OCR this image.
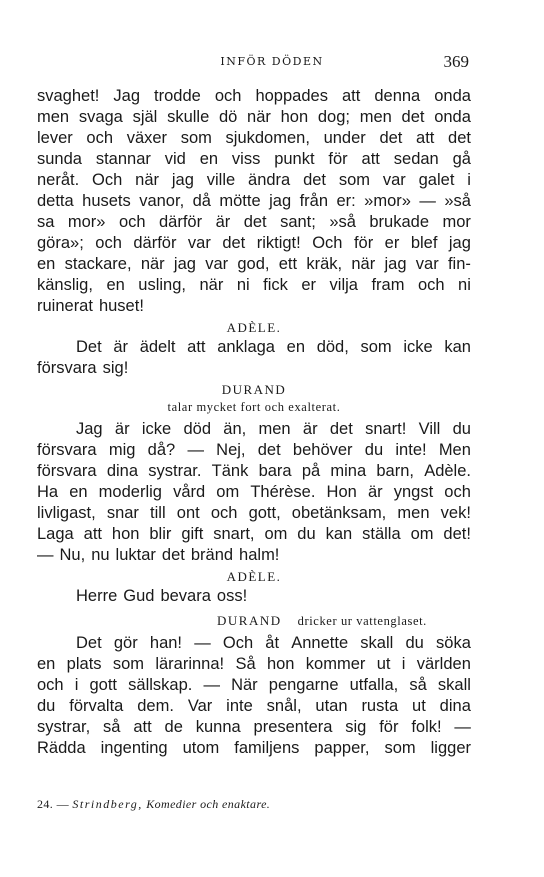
INFÖR DÖDEN	369
svaghet! Jag trodde och hoppades att denna onda
men svaga själ skulle dö när hon dog; men det onda
lever och växer som sjukdomen, under det att det
sunda stannar vid en viss punkt för att sedan gå
neråt. Och när jag ville ändra det som var galet i
detta husets vanor, då mötte jag från er: »mor» — »så
sa mor» och därför är det sant; »så brukade mor
göra»; och därför var det riktigt! Och för er blef jag
en stackare, när jag var god, ett kräk, när jag var fin-
känslig, en usling, när ni fick er vilja fram och ni
ruinerat huset!
ADÈLE.
Det är ädelt att anklaga en död, som icke kan
försvara sig!
DURAND
talar mycket fort och exalterat.
Jag är icke död än, men är det snart! Vill du
försvara mig då? — Nej, det behöver du inte! Men
försvara dina systrar. Tänk bara på mina barn, Adèle.
Ha en moderlig vård om Thérèse. Hon är yngst och
livligast, snar till ont och gott, obetänksam, men vek!
Laga att hon blir gift snart, om du kan ställa om det!
— Nu, nu luktar det bränd halm!
ADÈLE.
Herre Gud bevara oss!
DURAND dricker ur vattenglaset.
Det gör han! — Och åt Annette skall du söka
en plats som lärarinna! Så hon kommer ut i världen
och i gott sällskap. — När pengarne utfalla, så skall
du förvalta dem. Var inte snål, utan rusta ut dina
systrar, så att de kunna presentera sig för folk! —
Rädda ingenting utom familjens papper, som ligger
24. — Strindberg, Komedier och enaktare.
